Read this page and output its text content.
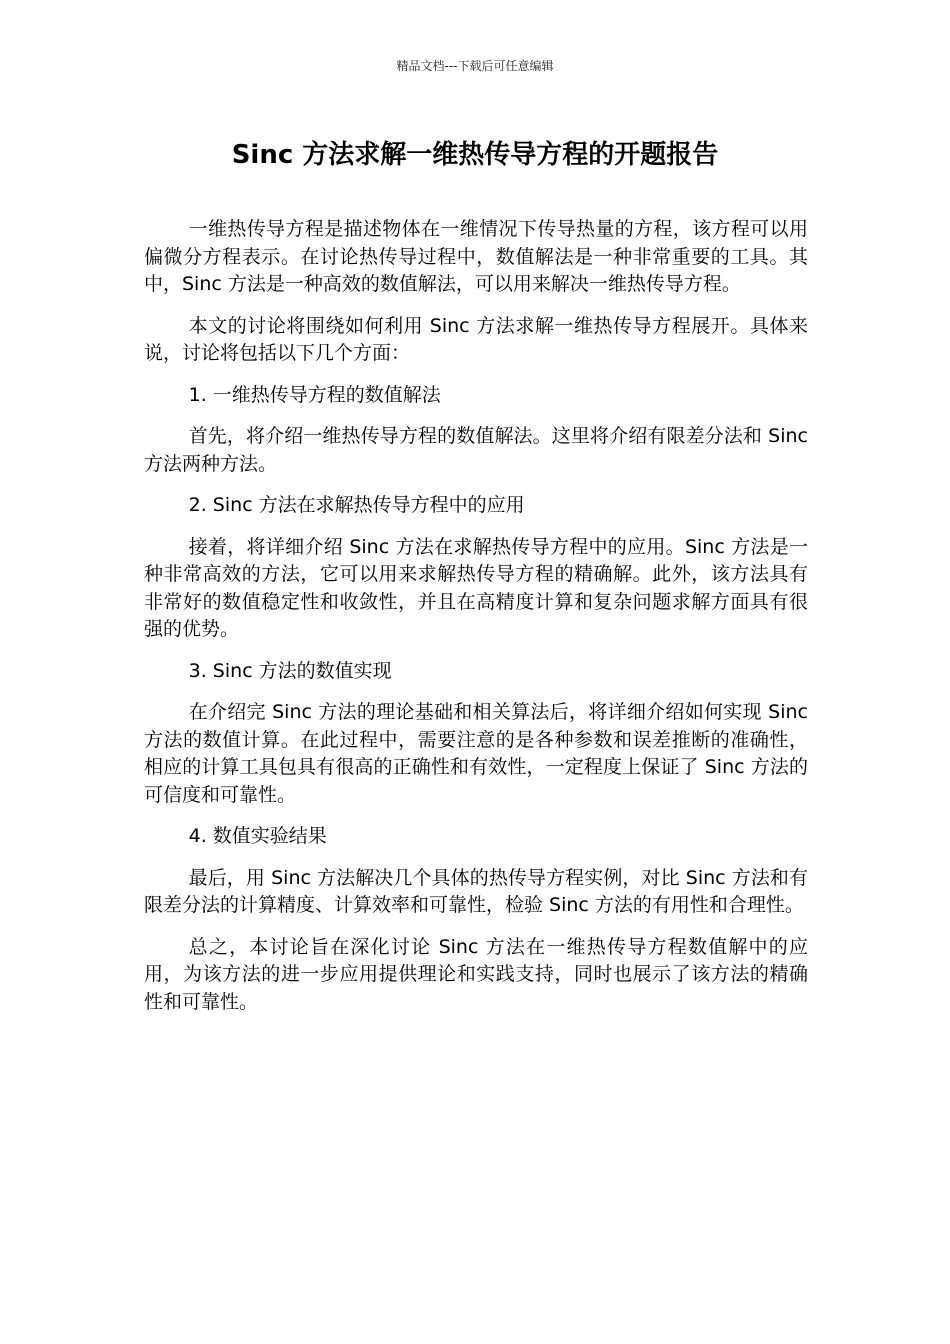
精品文档---下载后可任意编辑
Sinc 方法求解一维热传导方程的开题报告

一维热传导方程是描述物体在一维情况下传导热量的方程，该方程可以用偏微分方程表示。在讨论热传导过程中，数值解法是一种非常重要的工具。其中，Sinc 方法是一种高效的数值解法，可以用来解决一维热传导方程。

本文的讨论将围绕如何利用 Sinc 方法求解一维热传导方程展开。具体来说，讨论将包括以下几个方面：

1. 一维热传导方程的数值解法

首先，将介绍一维热传导方程的数值解法。这里将介绍有限差分法和 Sinc 方法两种方法。

2. Sinc 方法在求解热传导方程中的应用

接着，将详细介绍 Sinc 方法在求解热传导方程中的应用。Sinc 方法是一种非常高效的方法，它可以用来求解热传导方程的精确解。此外，该方法具有非常好的数值稳定性和收敛性，并且在高精度计算和复杂问题求解方面具有很强的优势。

3. Sinc 方法的数值实现

在介绍完 Sinc 方法的理论基础和相关算法后，将详细介绍如何实现 Sinc 方法的数值计算。在此过程中，需要注意的是各种参数和误差推断的准确性，相应的计算工具包具有很高的正确性和有效性，一定程度上保证了 Sinc 方法的可信度和可靠性。

4. 数值实验结果

最后，用 Sinc 方法解决几个具体的热传导方程实例，对比 Sinc 方法和有限差分法的计算精度、计算效率和可靠性，检验 Sinc 方法的有用性和合理性。

总之，本讨论旨在深化讨论 Sinc 方法在一维热传导方程数值解中的应用，为该方法的进一步应用提供理论和实践支持，同时也展示了该方法的精确性和可靠性。
